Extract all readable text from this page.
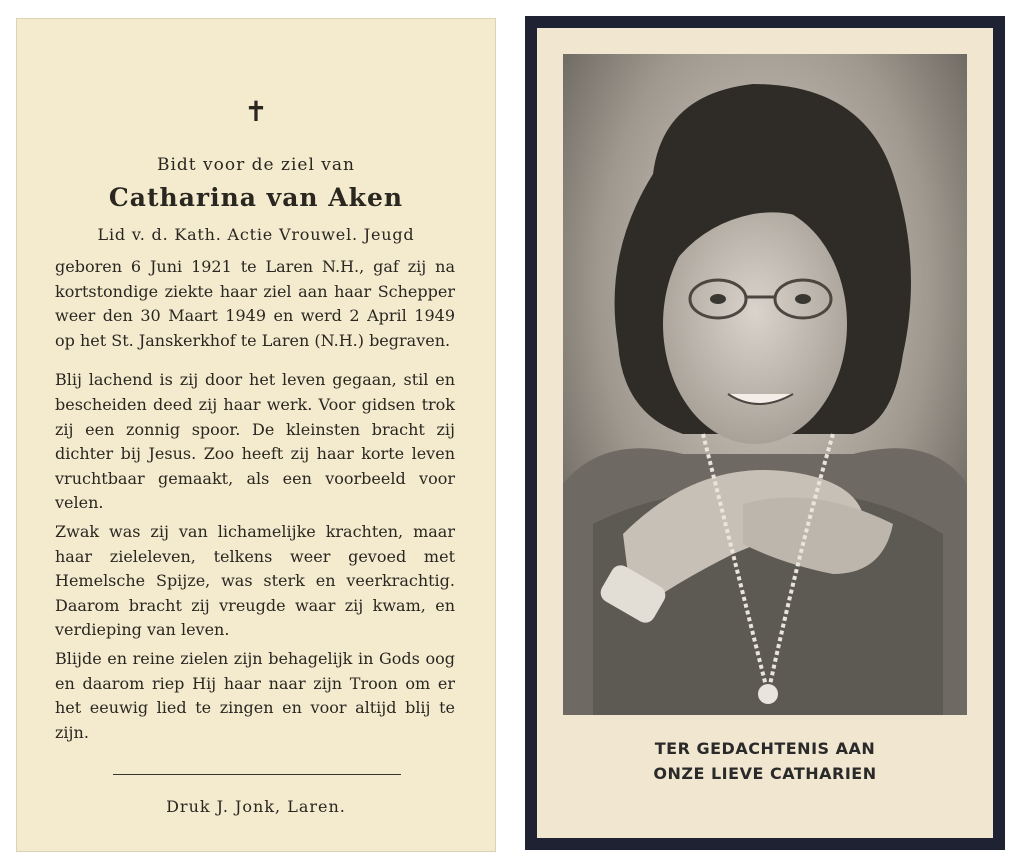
✝
Bidt voor de ziel van
Catharina van Aken
Lid v. d. Kath. Actie Vrouwel. Jeugd

geboren 6 Juni 1921 te Laren N.H., gaf zij na kortstondige ziekte haar ziel aan haar Schepper weer den 30 Maart 1949 en werd 2 April 1949 op het St. Janskerkhof te Laren (N.H.) begraven.

Blij lachend is zij door het leven gegaan, stil en bescheiden deed zij haar werk. Voor gidsen trok zij een zonnig spoor. De kleinsten bracht zij dichter bij Jesus. Zoo heeft zij haar korte leven vruchtbaar gemaakt, als een voorbeeld voor velen.

Zwak was zij van lichamelijke krachten, maar haar zieleleven, telkens weer gevoed met Hemelsche Spijze, was sterk en veerkrachtig. Daarom bracht zij vreugde waar zij kwam, en verdieping van leven.

Blijde en reine zielen zijn behagelijk in Gods oog en daarom riep Hij haar naar zijn Troon om er het eeuwig lied te zingen en voor altijd blij te zijn.

Druk J. Jonk, Laren.
TER GEDACHTENIS AAN
ONZE LIEVE CATHARIEN
